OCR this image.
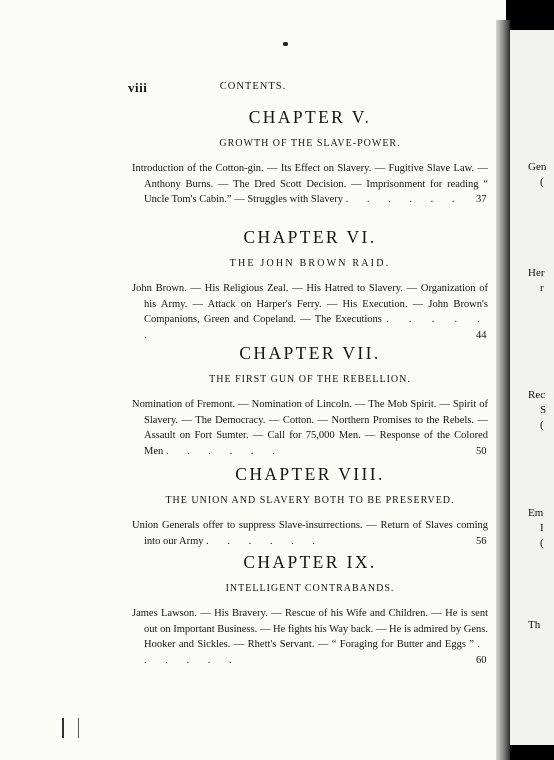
viii	CONTENTS.
CHAPTER V.
GROWTH OF THE SLAVE-POWER.
Introduction of the Cotton-gin. — Its Effect on Slavery. — Fugitive Slave Law. — Anthony Burns. — The Dred Scott Decision. — Imprisonment for reading “ Uncle Tom's Cabin.” — Struggles with Slavery . . . . . . 37
CHAPTER VI.
THE JOHN BROWN RAID.
John Brown. — His Religious Zeal. — His Hatred to Slavery. — Organization of his Army. — Attack on Harper's Ferry. — His Execution. — John Brown's Companions, Green and Copeland. — The Executions . . . . . .	44
CHAPTER VII.
THE FIRST GUN OF THE REBELLION.
Nomination of Fremont. — Nomination of Lincoln. — The Mob Spirit. — Spirit of Slavery. — The Democracy. — Cotton. — Northern Promises to the Rebels. — Assault on Fort Sumter. — Call for 75,000 Men. — Response of the Colored Men . . . . . .	50
CHAPTER VIII.
THE UNION AND SLAVERY BOTH TO BE PRESERVED.
Union Generals offer to suppress Slave-insurrections. — Return of Slaves coming into our Army . . . . . .	56
CHAPTER IX.
INTELLIGENT CONTRABANDS.
James Lawson. — His Bravery. — Rescue of his Wife and Children. — He is sent out on Important Business. — He fights his Way back. — He is admired by Gens. Hooker and Sickles. — Rhett's Servant. — “ Foraging for Butter and Eggs ” . . . . . .	60
Gen
(
Her
r
Rec
S
(
Em
I
(
Th
